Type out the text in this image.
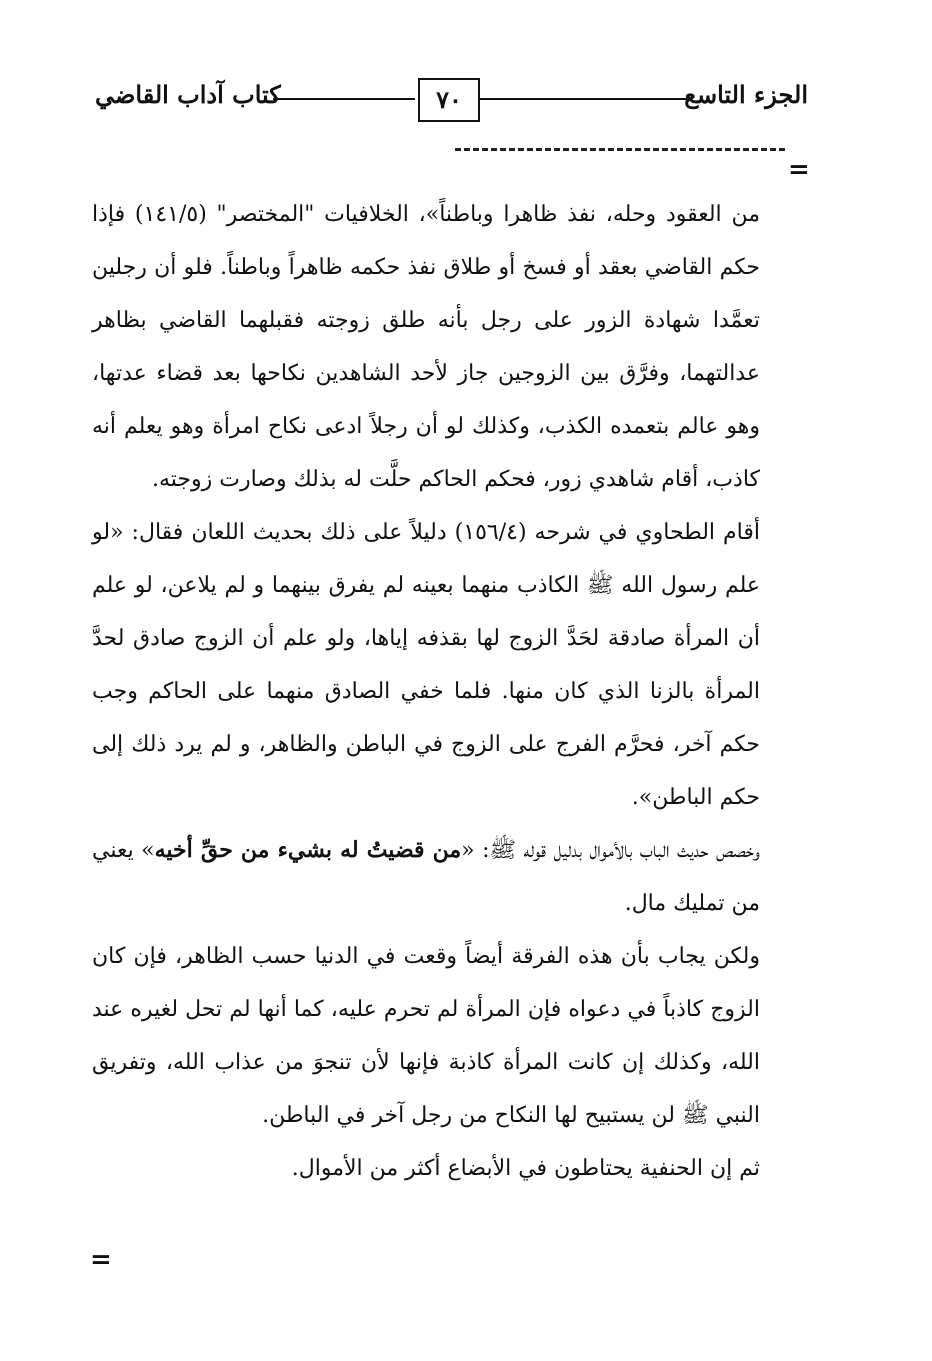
الجزء التاسع
٧٠
كتاب آداب القاضي
=

من العقود وحله، نفذ ظاهرا وباطناً»، الخلافيات "المختصر" (١٤١/٥) فإذا حكم القاضي بعقد أو فسخ أو طلاق نفذ حكمه ظاهراً وباطناً. فلو أن رجلين تعمَّدا شهادة الزور على رجل بأنه طلق زوجته فقبلهما القاضي بظاهر عدالتهما، وفرَّق بين الزوجين جاز لأحد الشاهدين نكاحها بعد قضاء عدتها، وهو عالم بتعمده الكذب، وكذلك لو أن رجلاً ادعى نكاح امرأة وهو يعلم أنه كاذب، أقام شاهدي زور، فحكم الحاكم حلَّت له بذلك وصارت زوجته.

أقام الطحاوي في شرحه (١٥٦/٤) دليلاً على ذلك بحديث اللعان فقال: «لو علم رسول الله ﷺ الكاذب منهما بعينه لم يفرق بينهما و لم يلاعن، لو علم أن المرأة صادقة لحَدَّ الزوج لها بقذفه إياها، ولو علم أن الزوج صادق لحدَّ المرأة بالزنا الذي كان منها. فلما خفي الصادق منهما على الحاكم وجب حكم آخر، فحرَّم الفرج على الزوج في الباطن والظاهر، و لم يرد ذلك إلى حكم الباطن».

وخصص حديث الباب بالأموال بدليل قوله ﷺ: «من قضيتُ له بشيء من حقِّ أخيه» يعني من تمليك مال.

ولكن يجاب بأن هذه الفرقة أيضاً وقعت في الدنيا حسب الظاهر، فإن كان الزوج كاذباً في دعواه فإن المرأة لم تحرم عليه، كما أنها لم تحل لغيره عند الله، وكذلك إن كانت المرأة كاذبة فإنها لأن تنجوَ من عذاب الله، وتفريق النبي ﷺ لن يستبيح لها النكاح من رجل آخر في الباطن.

ثم إن الحنفية يحتاطون في الأبضاع أكثر من الأموال.

=
